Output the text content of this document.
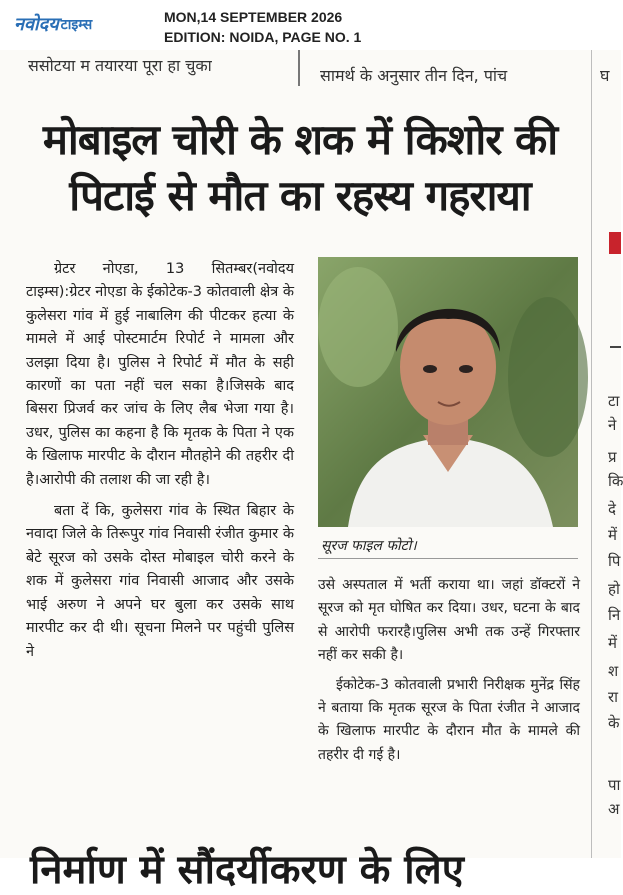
नवोदय टाइम्स	MON,14 SEPTEMBER 2026
EDITION: NOIDA, PAGE NO. 1
ससोटया म तयारया पूरा हा चुका
सामर्थ के अनुसार तीन दिन, पांच	घ
मोबाइल चोरी के शक में किशोर की
पिटाई से मौत का रहस्य गहराया

ग्रेटर नोएडा, 13 सितम्बर(नवोदय टाइम्स):ग्रेटर नोएडा के ईकोटेक-3 कोतवाली क्षेत्र के कुलेसरा गांव में हुई नाबालिग की पीटकर हत्या के मामले में आई पोस्टमार्टम रिपोर्ट ने मामला और उलझा दिया है। पुलिस ने रिपोर्ट में मौत के सही कारणों का पता नहीं चल सका है।जिसके बाद बिसरा प्रिजर्व कर जांच के लिए लैब भेजा गया है। उधर, पुलिस का कहना है कि मृतक के पिता ने एक के खिलाफ मारपीट के दौरान मौतहोने की तहरीर दी है।आरोपी की तलाश की जा रही है।

बता दें कि, कुलेसरा गांव के स्थित बिहार के नवादा जिले के तिरूपुर गांव निवासी रंजीत कुमार के बेटे सूरज को उसके दोस्त मोबाइल चोरी करने के शक में कुलेसरा गांव निवासी आजाद और उसके भाई अरुण ने अपने घर बुला कर उसके साथ मारपीट कर दी थी। सूचना मिलने पर पहुंची पुलिस ने

सूरज फाइल फोटो।

उसे अस्पताल में भर्ती कराया था। जहां डॉक्टरों ने सूरज को मृत घोषित कर दिया। उधर, घटना के बाद से आरोपी फरारहै।पुलिस अभी तक उन्हें गिरफ्तार नहीं कर सकी है।

ईकोटेक-3 कोतवाली प्रभारी निरीक्षक मुनेंद्र सिंह ने बताया कि मृतक सूरज के पिता रंजीत ने आजाद के खिलाफ मारपीट के दौरान मौत के मामले की तहरीर दी गई है।

टा
ने
प्र
कि
दे
में
पि
हो
नि
में
श
रा
के
पा
अ
निर्माण में सौंदर्यीकरण के लिए
